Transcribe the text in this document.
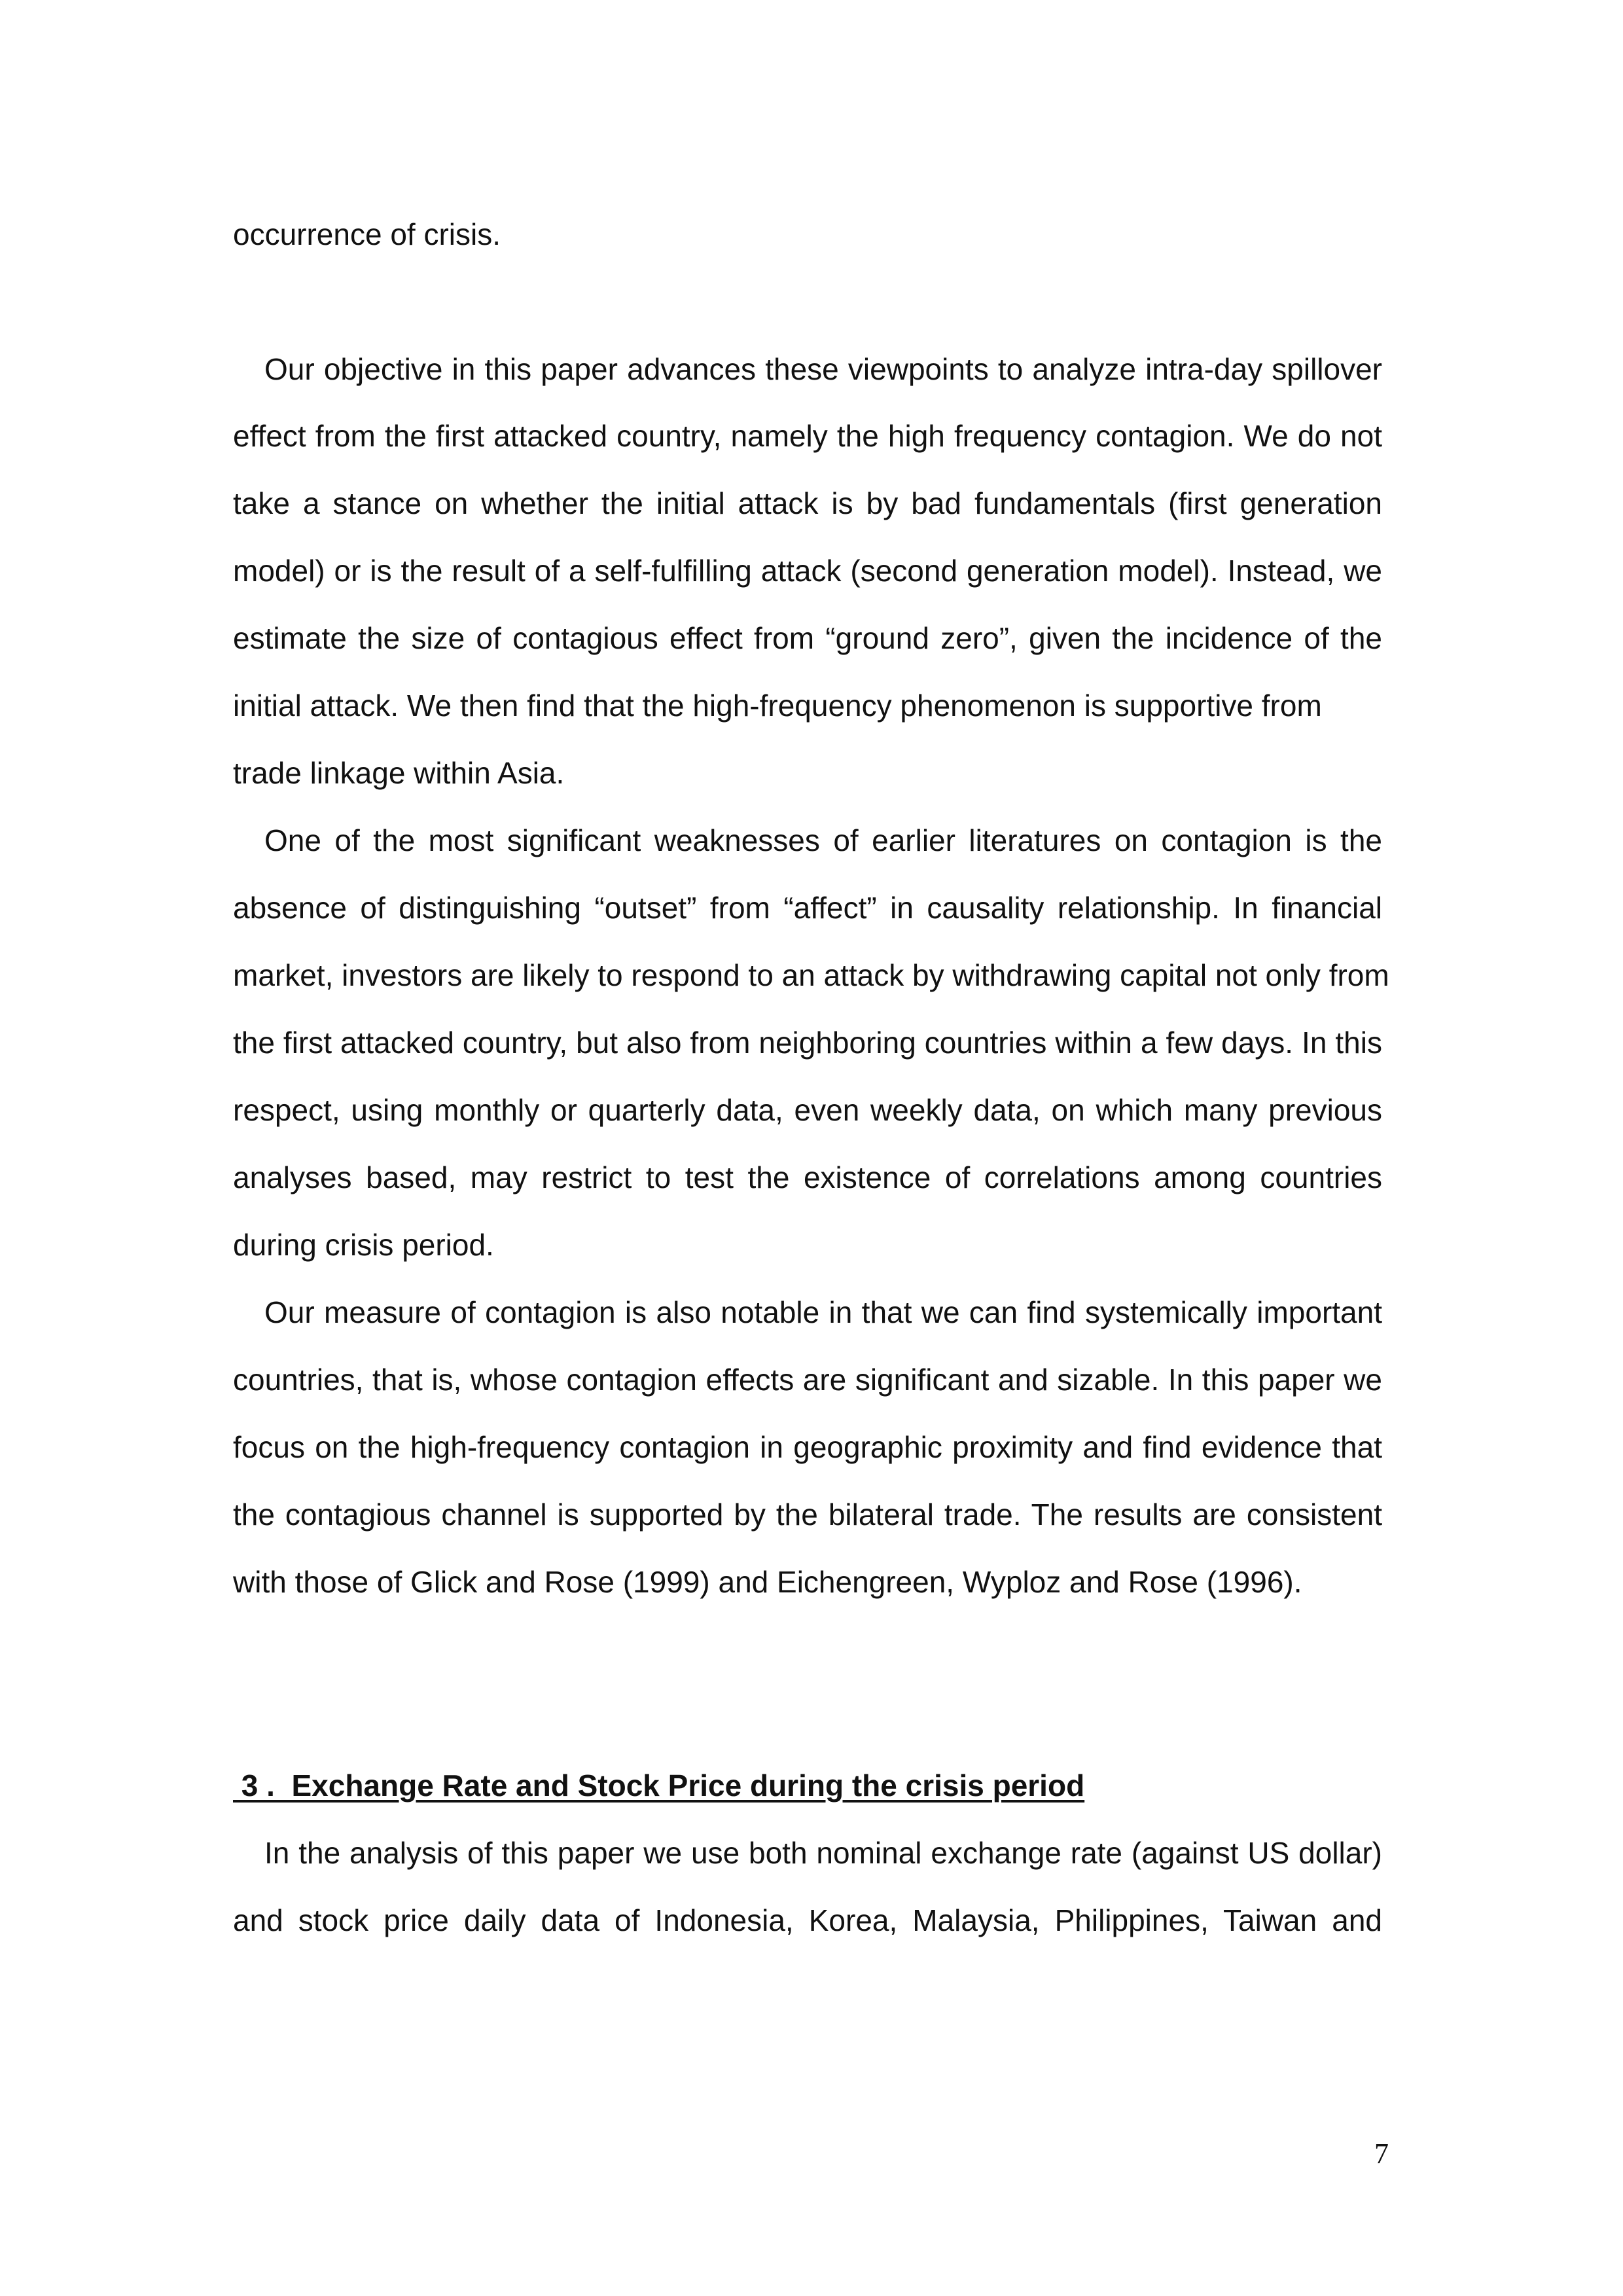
occurrence of crisis.
Our objective in this paper advances these viewpoints to analyze intra-day spillover
effect from the first attacked country, namely the high frequency contagion. We do not
take a stance on whether the initial attack is by bad fundamentals (first generation
model) or is the result of a self-fulfilling attack (second generation model). Instead, we
estimate the size of contagious effect from “ground zero”, given the incidence of the
initial attack. We then find that the high-frequency phenomenon is supportive from
trade linkage within Asia.
One of the most significant weaknesses of earlier literatures on contagion is the
absence of distinguishing “outset” from “affect” in causality relationship. In financial
market, investors are likely to respond to an attack by withdrawing capital not only from
the first attacked country, but also from neighboring countries within a few days. In this
respect, using monthly or quarterly data, even weekly data, on which many previous
analyses based, may restrict to test the existence of correlations among countries
during crisis period.
Our measure of contagion is also notable in that we can find systemically important
countries, that is, whose contagion effects are significant and sizable. In this paper we
focus on the high-frequency contagion in geographic proximity and find evidence that
the contagious channel is supported by the bilateral trade. The results are consistent
with those of Glick and Rose (1999) and Eichengreen, Wyploz and Rose (1996).
3 .  Exchange Rate and Stock Price during the crisis period
In the analysis of this paper we use both nominal exchange rate (against US dollar)
and stock price daily data of Indonesia, Korea, Malaysia, Philippines, Taiwan and
7
